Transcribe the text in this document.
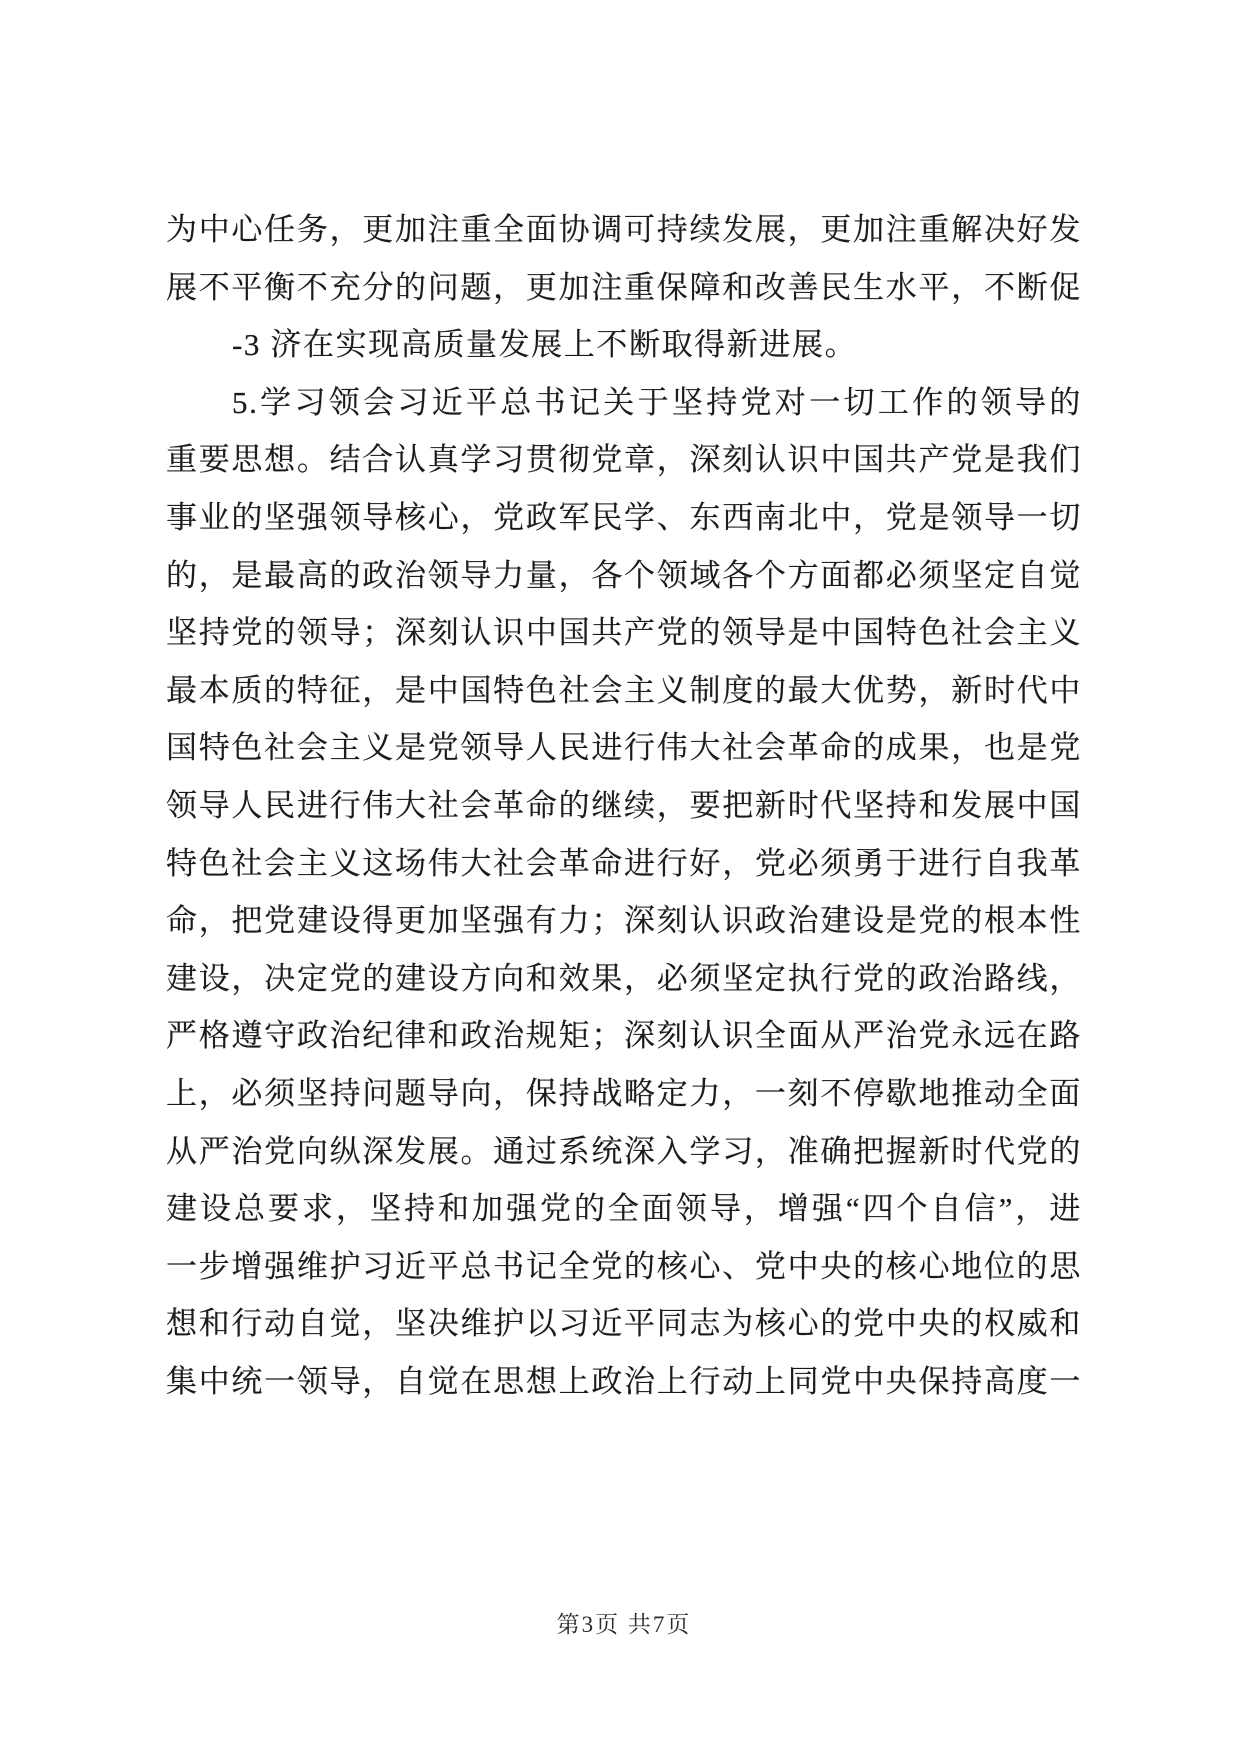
为中心任务，更加注重全面协调可持续发展，更加注重解决好发
展不平衡不充分的问题，更加注重保障和改善民生水平，不断促
-3 济在实现高质量发展上不断取得新进展。
5.学习领会习近平总书记关于坚持党对一切工作的领导的
重要思想。结合认真学习贯彻党章，深刻认识中国共产党是我们
事业的坚强领导核心，党政军民学、东西南北中，党是领导一切
的，是最高的政治领导力量，各个领域各个方面都必须坚定自觉
坚持党的领导；深刻认识中国共产党的领导是中国特色社会主义
最本质的特征，是中国特色社会主义制度的最大优势，新时代中
国特色社会主义是党领导人民进行伟大社会革命的成果，也是党
领导人民进行伟大社会革命的继续，要把新时代坚持和发展中国
特色社会主义这场伟大社会革命进行好，党必须勇于进行自我革
命，把党建设得更加坚强有力；深刻认识政治建设是党的根本性
建设，决定党的建设方向和效果，必须坚定执行党的政治路线，
严格遵守政治纪律和政治规矩；深刻认识全面从严治党永远在路
上，必须坚持问题导向，保持战略定力，一刻不停歇地推动全面
从严治党向纵深发展。通过系统深入学习，准确把握新时代党的
建设总要求，坚持和加强党的全面领导，增强“四个自信”，进
一步增强维护习近平总书记全党的核心、党中央的核心地位的思
想和行动自觉，坚决维护以习近平同志为核心的党中央的权威和
集中统一领导，自觉在思想上政治上行动上同党中央保持高度一
第3页 共7页
